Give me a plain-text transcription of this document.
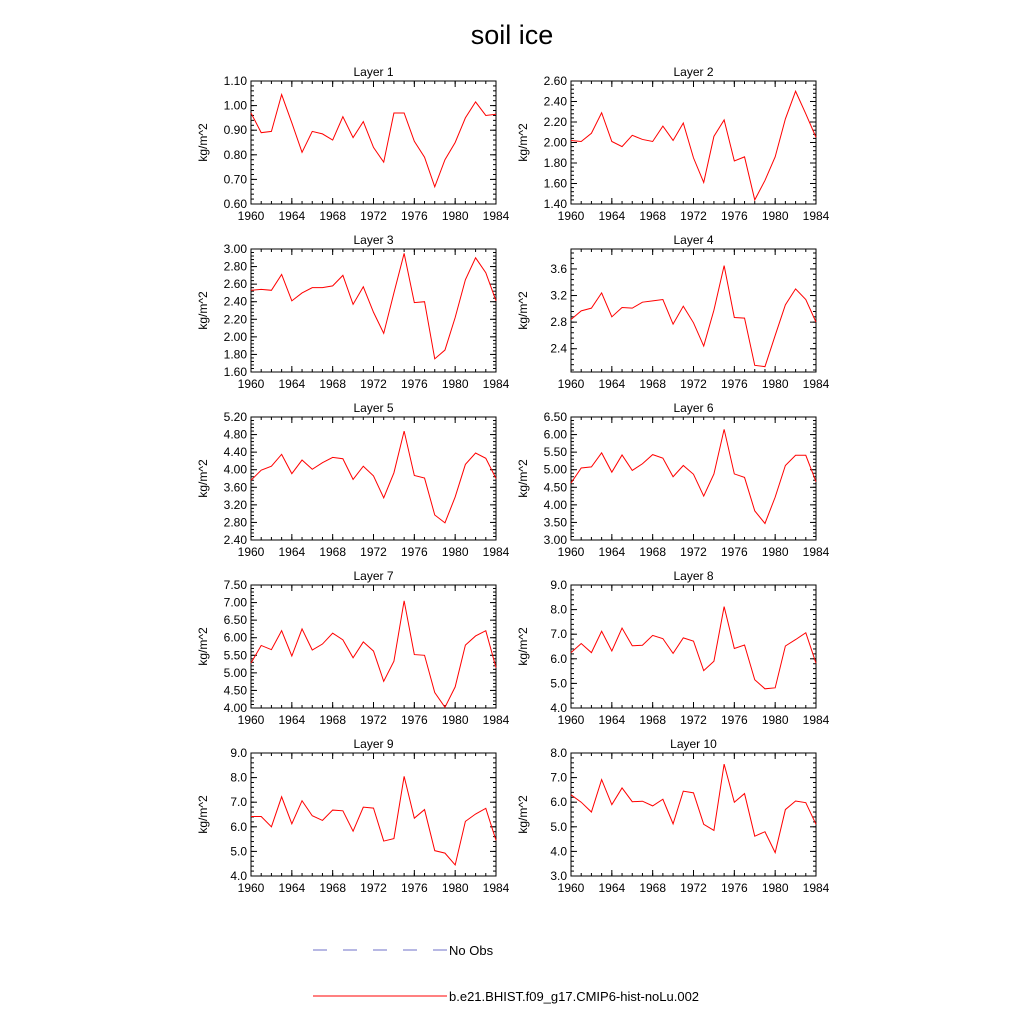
soil ice
Layer 1
kg/m^2
1960 1964 1968 1972 1976 1980 1984
0.60
0.70
0.80
0.90
1.00
1.10
Layer 2
kg/m^2
1960 1964 1968 1972 1976 1980 1984
1.40
1.60
1.80
2.00
2.20
2.40
2.60
Layer 3
kg/m^2
1960 1964 1968 1972 1976 1980 1984
1.60
1.80
2.00
2.20
2.40
2.60
2.80
3.00
Layer 4
kg/m^2
1960 1964 1968 1972 1976 1980 1984
2.4
2.8
3.2
3.6
Layer 5
kg/m^2
1960 1964 1968 1972 1976 1980 1984
2.40
2.80
3.20
3.60
4.00
4.40
4.80
5.20
Layer 6
kg/m^2
1960 1964 1968 1972 1976 1980 1984
3.00
3.50
4.00
4.50
5.00
5.50
6.00
6.50
Layer 7
kg/m^2
1960 1964 1968 1972 1976 1980 1984
4.00
4.50
5.00
5.50
6.00
6.50
7.00
7.50
Layer 8
kg/m^2
1960 1964 1968 1972 1976 1980 1984
4.0
5.0
6.0
7.0
8.0
9.0
Layer 9
kg/m^2
1960 1964 1968 1972 1976 1980 1984
4.0
5.0
6.0
7.0
8.0
9.0
Layer 10
kg/m^2
1960 1964 1968 1972 1976 1980 1984
3.0
4.0
5.0
6.0
7.0
8.0
No Obs
b.e21.BHIST.f09_g17.CMIP6-hist-noLu.002
